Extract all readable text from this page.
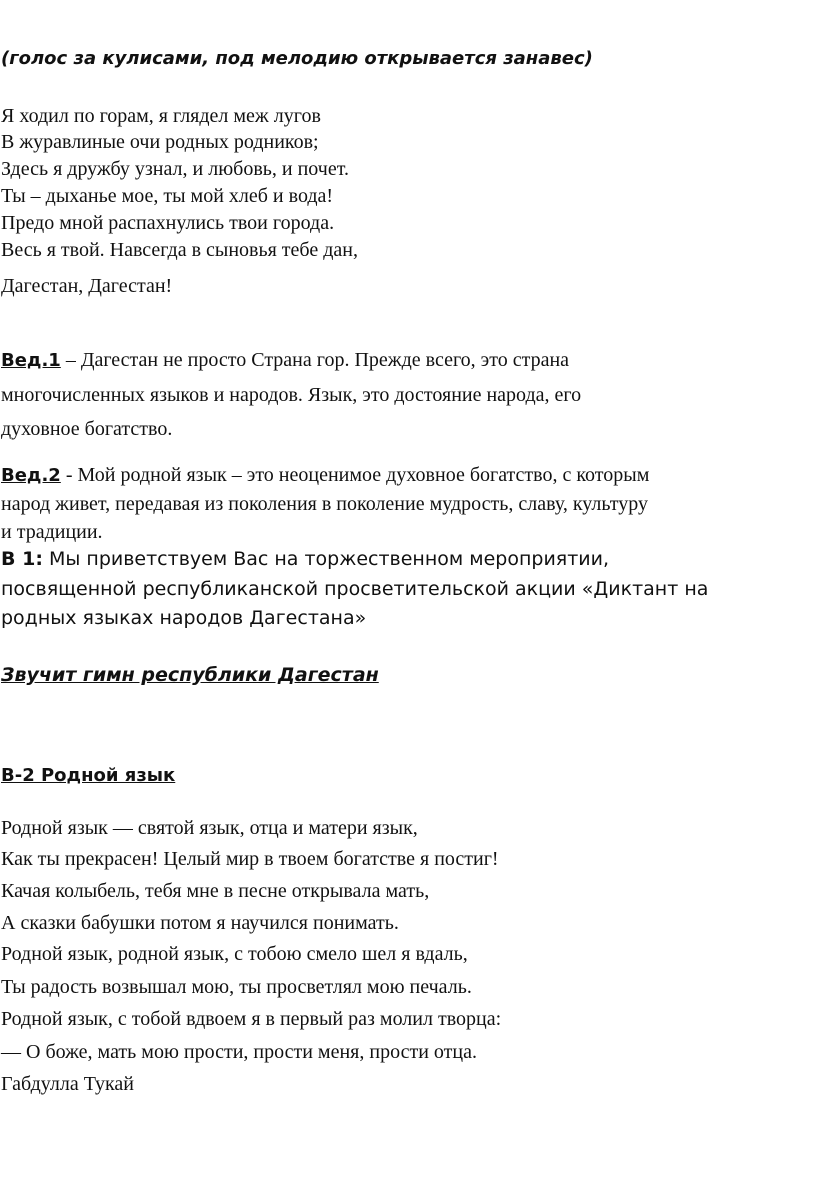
(голос за кулисами, под мелодию открывается занавес)
Я ходил по горам, я глядел меж лугов
В журавлиные очи родных родников;
Здесь я дружбу узнал, и любовь, и почет.
Ты – дыханье мое, ты мой хлеб и вода!
Предо мной распахнулись твои города.
Весь я твой. Навсегда в сыновья тебе дан,
Дагестан, Дагестан!
Вед.1 – Дагестан не просто Страна гор. Прежде всего, это страна
многочисленных языков и народов. Язык, это достояние народа, его
духовное богатство.
Вед.2 - Мой родной язык – это неоценимое духовное богатство, с которым
народ живет, передавая из поколения в поколение мудрость, славу, культуру
и традиции.
В 1: Мы приветствуем Вас на торжественном мероприятии,
посвященной республиканской просветительской акции «Диктант на
родных языках народов Дагестана»
Звучит гимн республики Дагестан
В-2 Родной язык
Родной язык — святой язык, отца и матери язык,
Как ты прекрасен! Целый мир в твоем богатстве я постиг!
Качая колыбель, тебя мне в песне открывала мать,
А сказки бабушки потом я научился понимать.
Родной язык, родной язык, с тобою смело шел я вдаль,
Ты радость возвышал мою, ты просветлял мою печаль.
Родной язык, с тобой вдвоем я в первый раз молил творца:
— О боже, мать мою прости, прости меня, прости отца.
Габдулла Тукай
